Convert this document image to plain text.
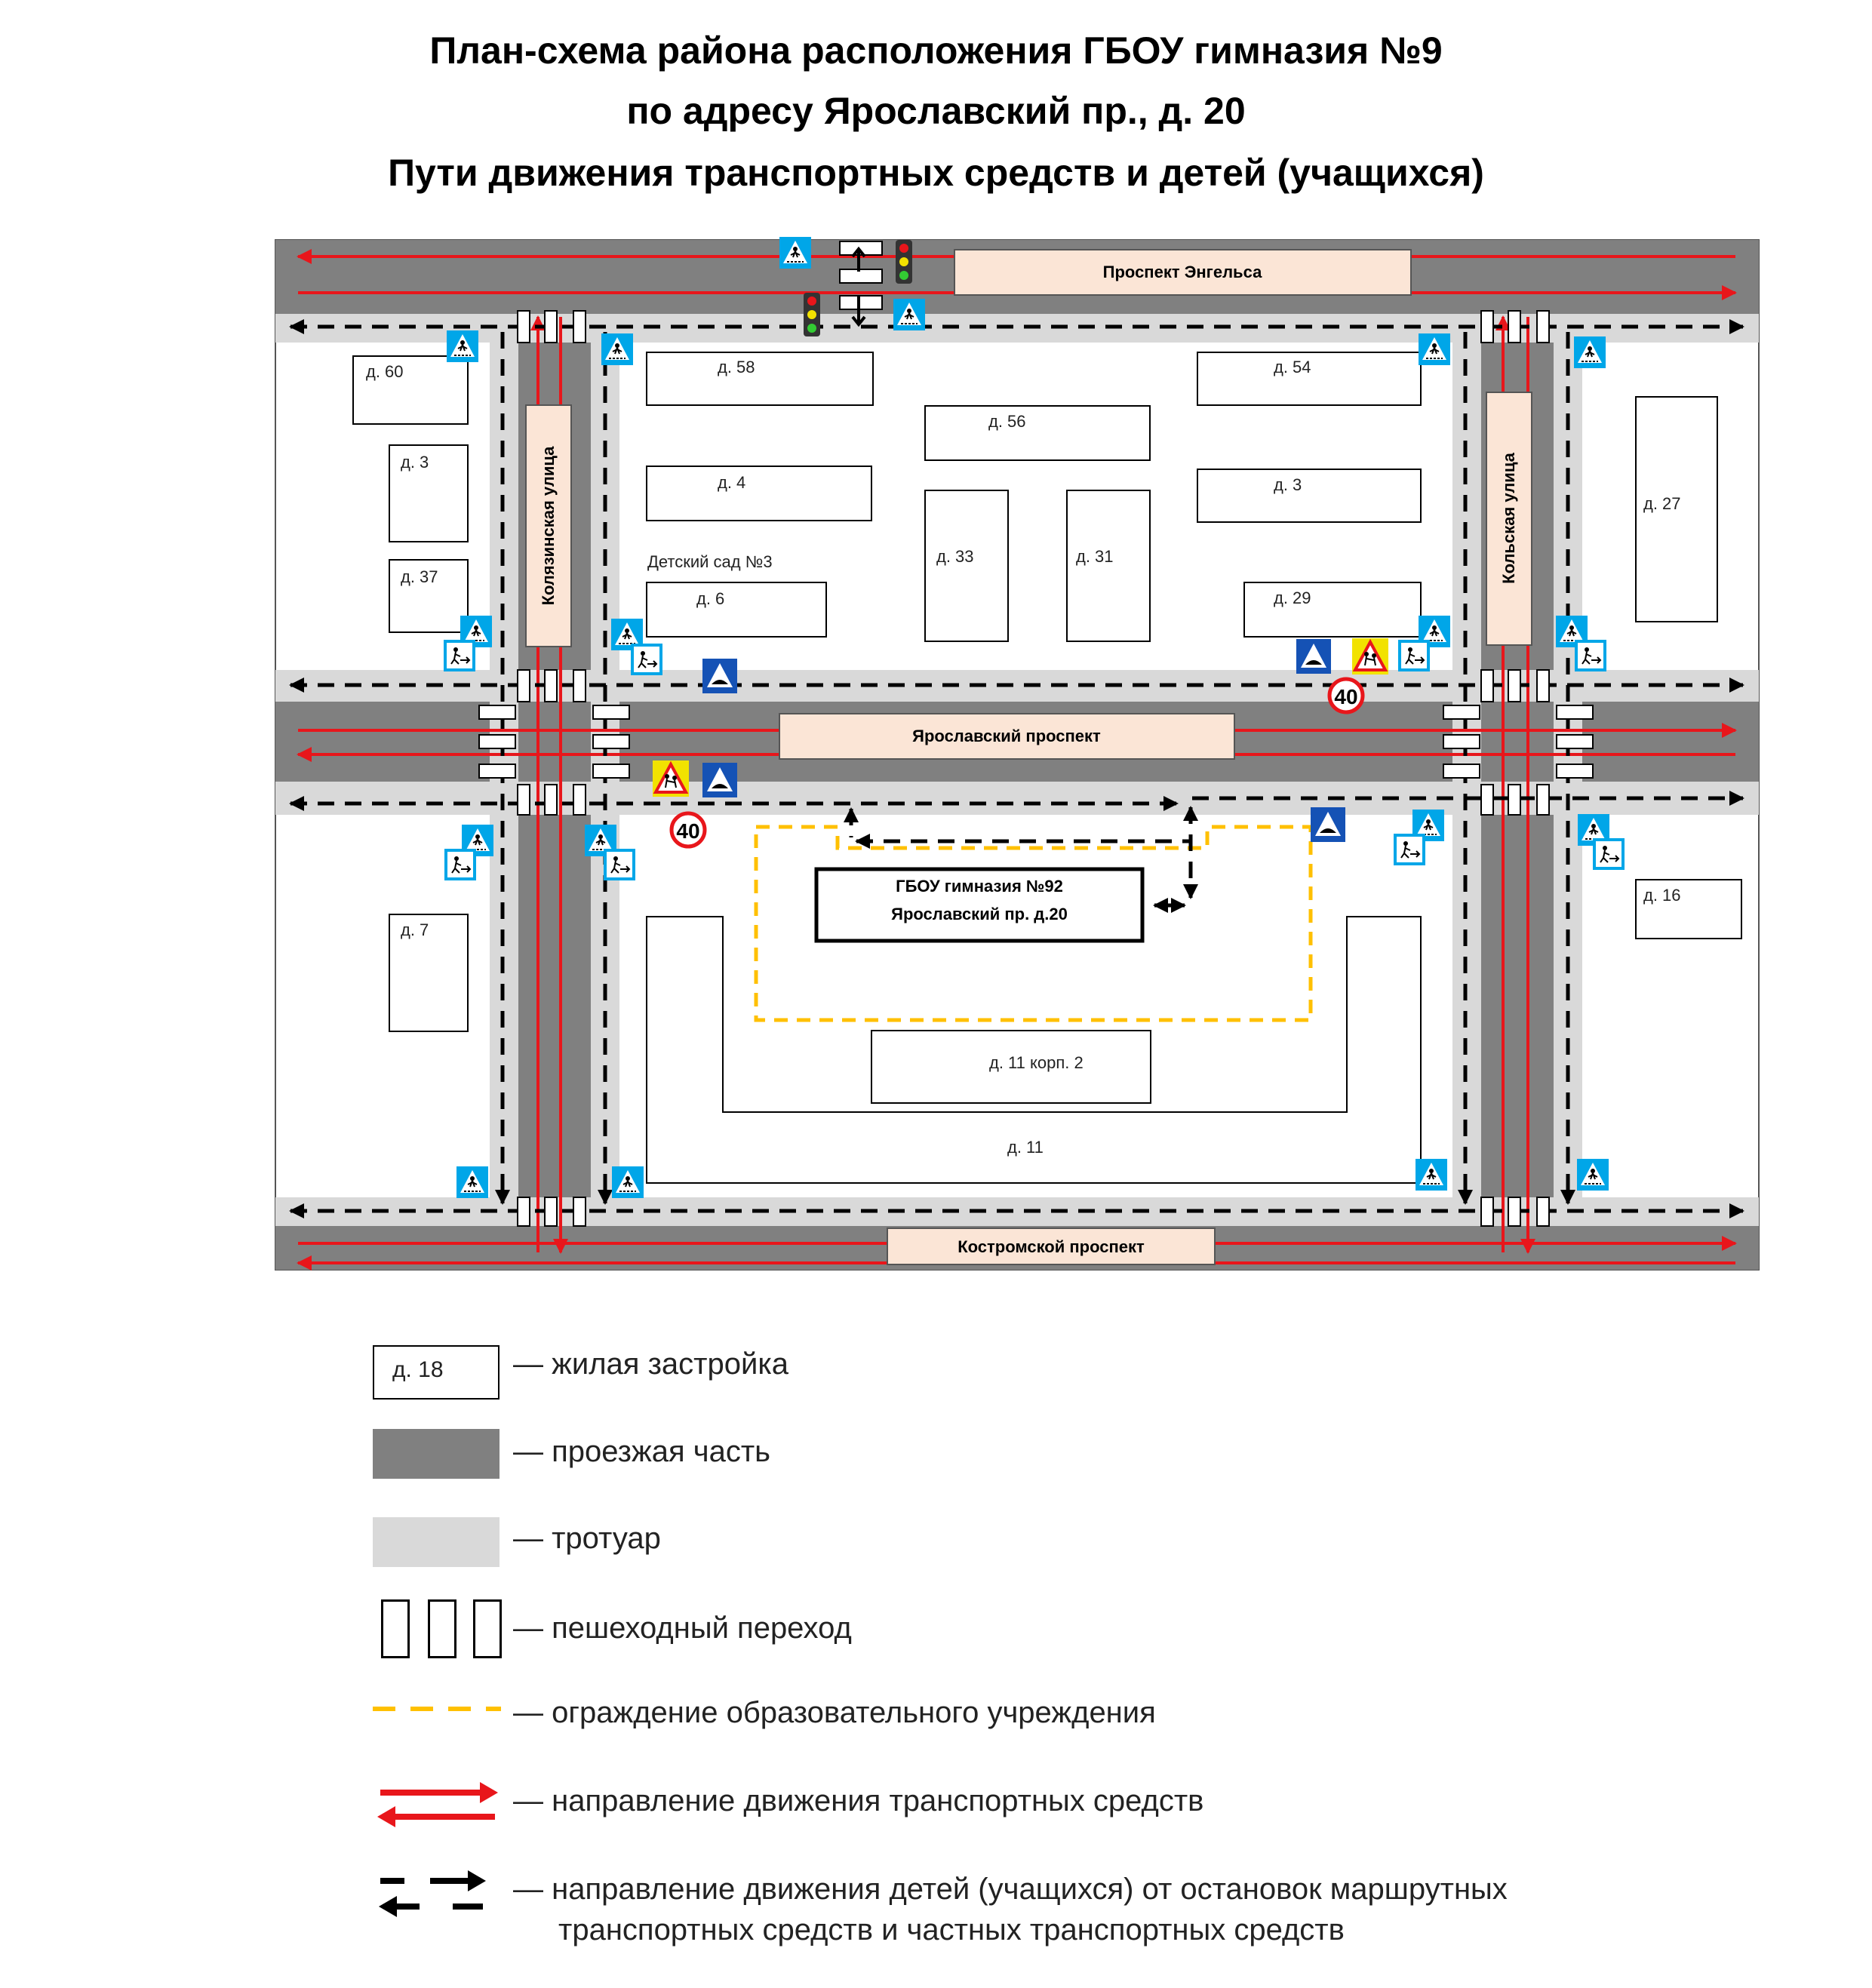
План-схема района расположения ГБОУ гимназия №9
по адресу Ярославский пр., д. 20
Пути движения транспортных средств и детей (учащихся)
40
40
Проспект Энгельса
Ярославский проспект
Костромской проспект
Колязинская улица	Кольская улица
д. 60
д. 3
д. 37
д. 58
д. 4
Детский сад №3
д. 6
д. 56
д. 33	д. 31
д. 54
д. 3
д. 29
д. 27
д. 7
д. 16
д. 11 корп. 2
д. 11
ГБОУ гимназия №92
Ярославский пр. д.20
д. 18 — жилая застройка
— проезжая часть
— тротуар
— пешеходный переход
— ограждение образовательного учреждения
— направление движения транспортных средств
— направление движения детей (учащихся) от остановок маршрутных
транспортных средств и частных транспортных средств
